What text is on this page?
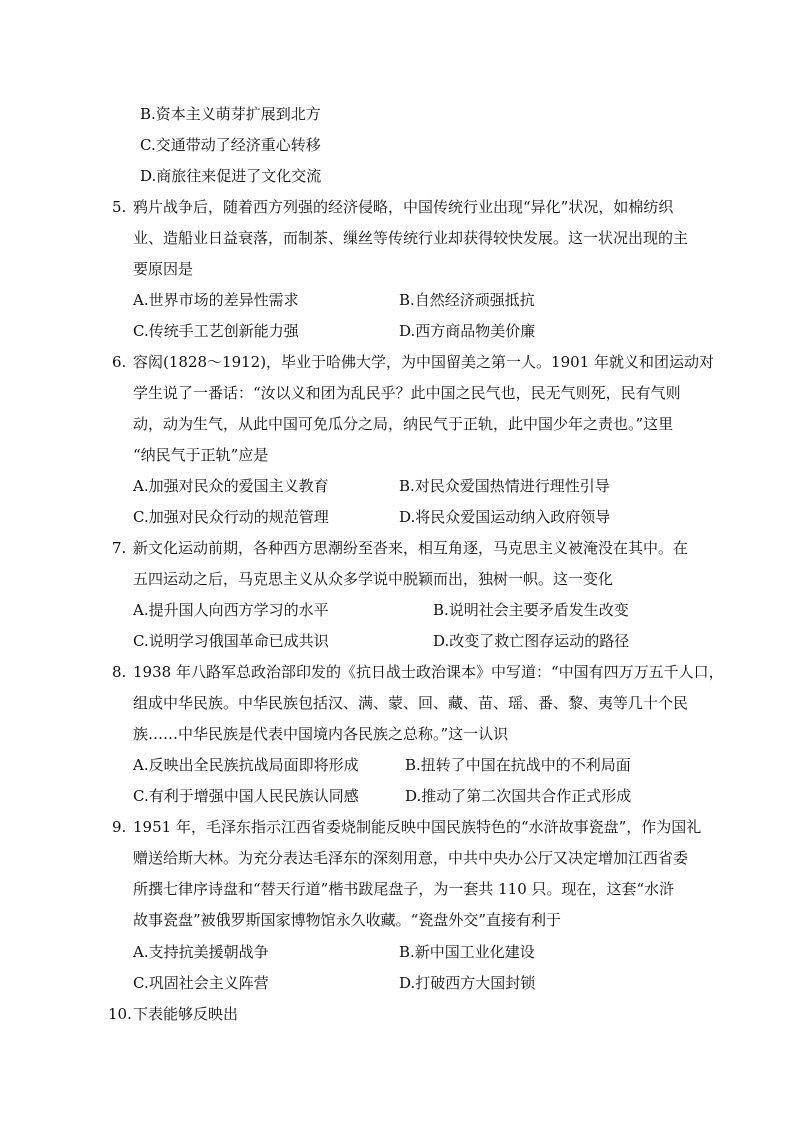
B.资本主义萌芽扩展到北方
C.交通带动了经济重心转移
D.商旅往来促进了文化交流
5. 鸦片战争后，随着西方列强的经济侵略，中国传统行业出现“异化”状况，如棉纺织
业、造船业日益衰落，而制茶、缫丝等传统行业却获得较快发展。这一状况出现的主
要原因是
A.世界市场的差异性需求	B.自然经济顽强抵抗
C.传统手工艺创新能力强	D.西方商品物美价廉
6. 容闳(1828～1912)，毕业于哈佛大学，为中国留美之第一人。1901 年就义和团运动对
学生说了一番话：“汝以义和团为乱民乎？此中国之民气也，民无气则死，民有气则
动，动为生气，从此中国可免瓜分之局，纳民气于正轨，此中国少年之责也。”这里
“纳民气于正轨”应是
A.加强对民众的爱国主义教育	B.对民众爱国热情进行理性引导
C.加强对民众行动的规范管理	D.将民众爱国运动纳入政府领导
7. 新文化运动前期，各种西方思潮纷至沓来，相互角逐，马克思主义被淹没在其中。在
五四运动之后，马克思主义从众多学说中脱颖而出，独树一帜。这一变化
A.提升国人向西方学习的水平	B.说明社会主要矛盾发生改变
C.说明学习俄国革命已成共识	D.改变了救亡图存运动的路径
8. 1938 年八路军总政治部印发的《抗日战士政治课本》中写道：“中国有四万万五千人口，
组成中华民族。中华民族包括汉、满、蒙、回、藏、苗、瑶、番、黎、夷等几十个民
族……中华民族是代表中国境内各民族之总称。”这一认识
A.反映出全民族抗战局面即将形成	B.扭转了中国在抗战中的不利局面
C.有利于增强中国人民民族认同感	D.推动了第二次国共合作正式形成
9. 1951 年，毛泽东指示江西省委烧制能反映中国民族特色的“水浒故事瓷盘”，作为国礼
赠送给斯大林。为充分表达毛泽东的深刻用意，中共中央办公厅又决定增加江西省委
所撰七律序诗盘和“替天行道”楷书跋尾盘子，为一套共 110 只。现在，这套“水浒
故事瓷盘”被俄罗斯国家博物馆永久收藏。“瓷盘外交”直接有利于
A.支持抗美援朝战争	B.新中国工业化建设
C.巩固社会主义阵营	D.打破西方大国封锁
10. 下表能够反映出
